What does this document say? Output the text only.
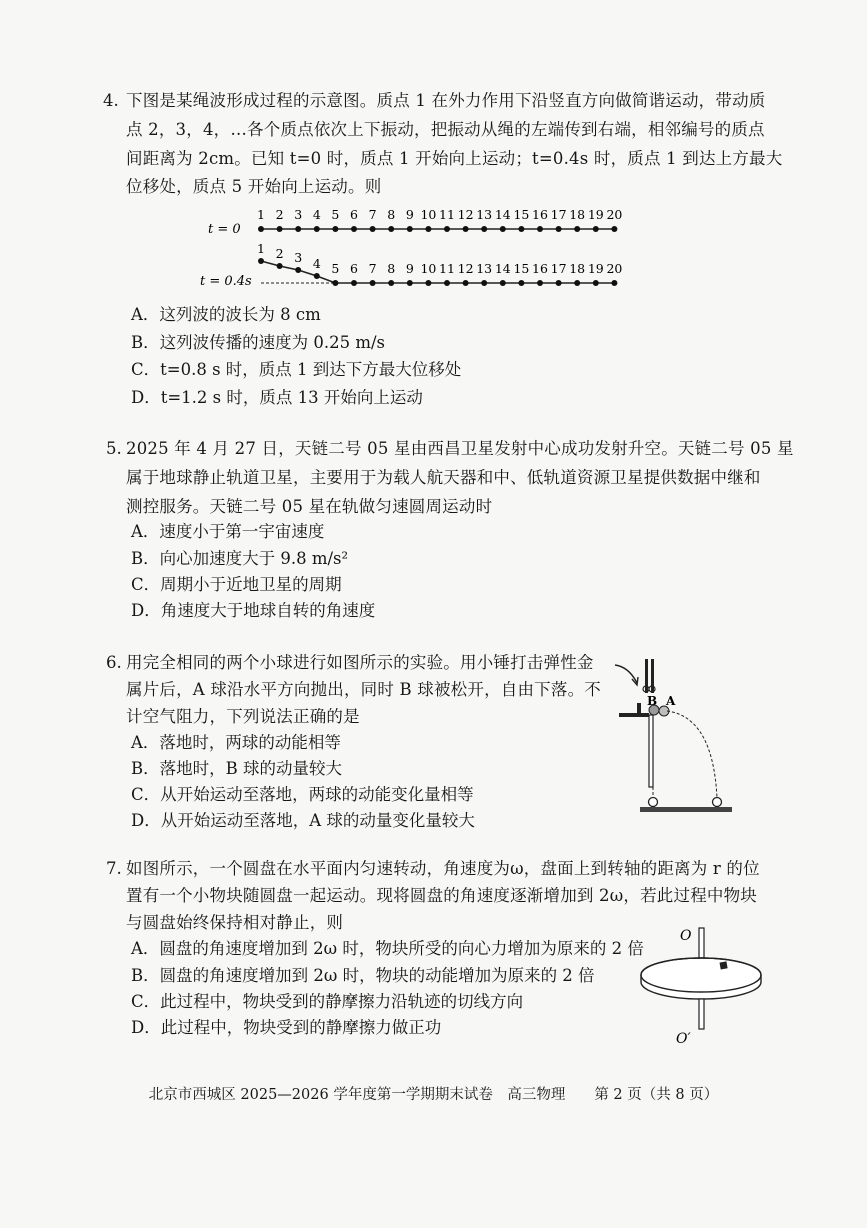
4. 下图是某绳波形成过程的示意图。质点 1 在外力作用下沿竖直方向做简谐运动，带动质
点 2，3，4，…各个质点依次上下振动，把振动从绳的左端传到右端，相邻编号的质点
间距离为 2cm。已知 t=0 时，质点 1 开始向上运动；t=0.4s 时，质点 1 到达上方最大
位移处，质点 5 开始向上运动。则
t = 0
t = 0.4s
1 2 3 4 5 6 7 8 9 10 11 12 13 14 15 16 17 18 19 20
1 2 3 4 5 6 7 8 9 10 11 12 13 14 15 16 17 18 19 20
A．这列波的波长为 8 cm
B．这列波传播的速度为 0.25 m/s
C．t=0.8 s 时，质点 1 到达下方最大位移处
D．t=1.2 s 时，质点 13 开始向上运动
5. 2025 年 4 月 27 日，天链二号 05 星由西昌卫星发射中心成功发射升空。天链二号 05 星
属于地球静止轨道卫星，主要用于为载人航天器和中、低轨道资源卫星提供数据中继和
测控服务。天链二号 05 星在轨做匀速圆周运动时
A．速度小于第一宇宙速度
B．向心加速度大于 9.8 m/s²
C．周期小于近地卫星的周期
D．角速度大于地球自转的角速度
6. 用完全相同的两个小球进行如图所示的实验。用小锤打击弹性金
属片后，A 球沿水平方向抛出，同时 B 球被松开，自由下落。不
计空气阻力，下列说法正确的是
A．落地时，两球的动能相等
B．落地时，B 球的动量较大
C．从开始运动至落地，两球的动能变化量相等
D．从开始运动至落地，A 球的动量变化量较大
B A
7. 如图所示，一个圆盘在水平面内匀速转动，角速度为ω，盘面上到转轴的距离为 r 的位
置有一个小物块随圆盘一起运动。现将圆盘的角速度逐渐增加到 2ω，若此过程中物块
与圆盘始终保持相对静止，则
A．圆盘的角速度增加到 2ω 时，物块所受的向心力增加为原来的 2 倍
B．圆盘的角速度增加到 2ω 时，物块的动能增加为原来的 2 倍
C．此过程中，物块受到的静摩擦力沿轨迹的切线方向
D．此过程中，物块受到的静摩擦力做正功
O
O′
北京市西城区 2025—2026 学年度第一学期期末试卷　高三物理　　第 2 页（共 8 页）
